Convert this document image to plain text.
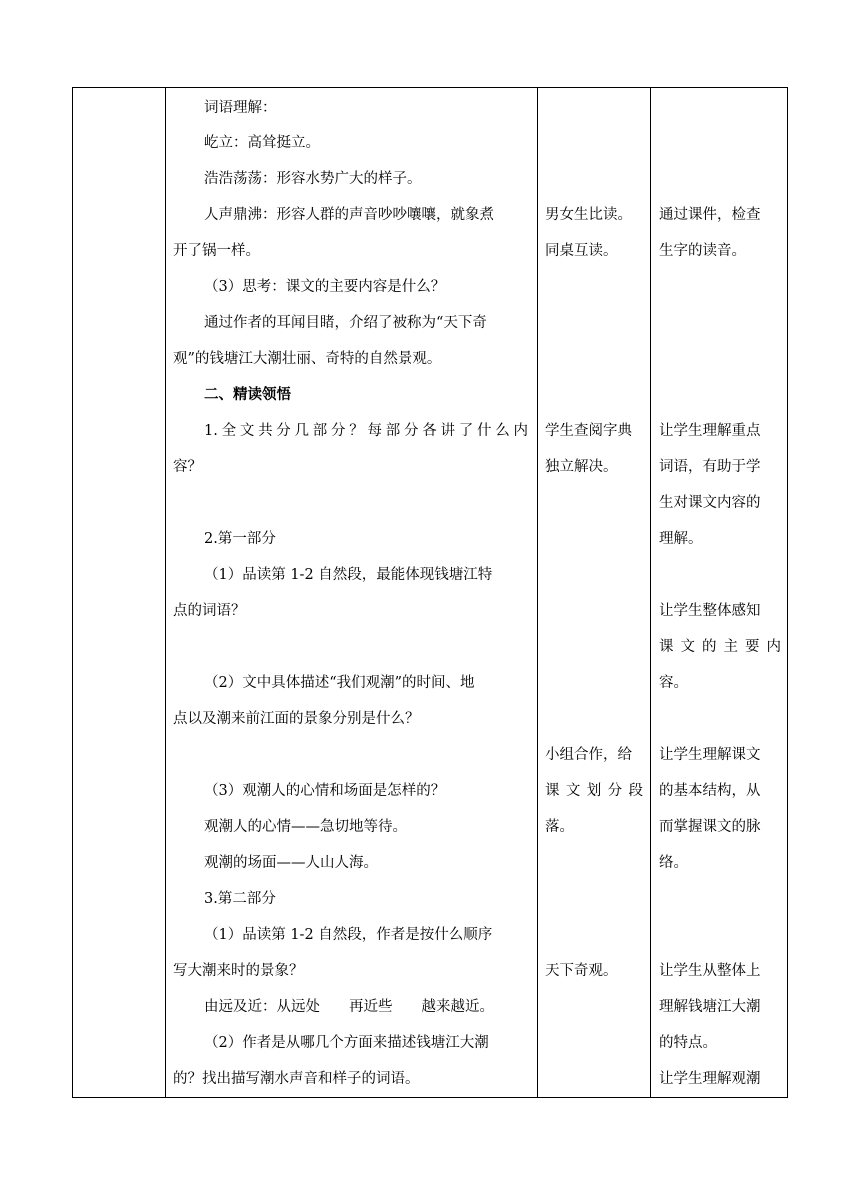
词语理解：
屹立：高耸挺立。
浩浩荡荡：形容水势广大的样子。
人声鼎沸：形容人群的声音吵吵嚷嚷，就象煮
开了锅一样。
（3）思考：课文的主要内容是什么？
通过作者的耳闻目睹，介绍了被称为“天下奇
观”的钱塘江大潮壮丽、奇特的自然景观。
二、精读领悟
1.全文共分几部分？每部分各讲了什么内
容？
2.第一部分
（1）品读第 1-2 自然段，最能体现钱塘江特
点的词语？
（2）文中具体描述“我们观潮”的时间、地
点以及潮来前江面的景象分别是什么？
（3）观潮人的心情和场面是怎样的？
观潮人的心情——急切地等待。
观潮的场面——人山人海。
3.第二部分
（1）品读第 1-2 自然段，作者是按什么顺序
写大潮来时的景象？
由远及近：从远处　　再近些　　越来越近。
（2）作者是从哪几个方面来描述钱塘江大潮
的？找出描写潮水声音和样子的词语。
男女生比读。
同桌互读。
学生查阅字典
独立解决。
小组合作，给
课文划分段
落。
天下奇观。
通过课件，检查
生字的读音。
让学生理解重点
词语，有助于学
生对课文内容的
理解。
让学生整体感知
课文的主要内
容。
让学生理解课文
的基本结构，从
而掌握课文的脉
络。
让学生从整体上
理解钱塘江大潮
的特点。
让学生理解观潮
